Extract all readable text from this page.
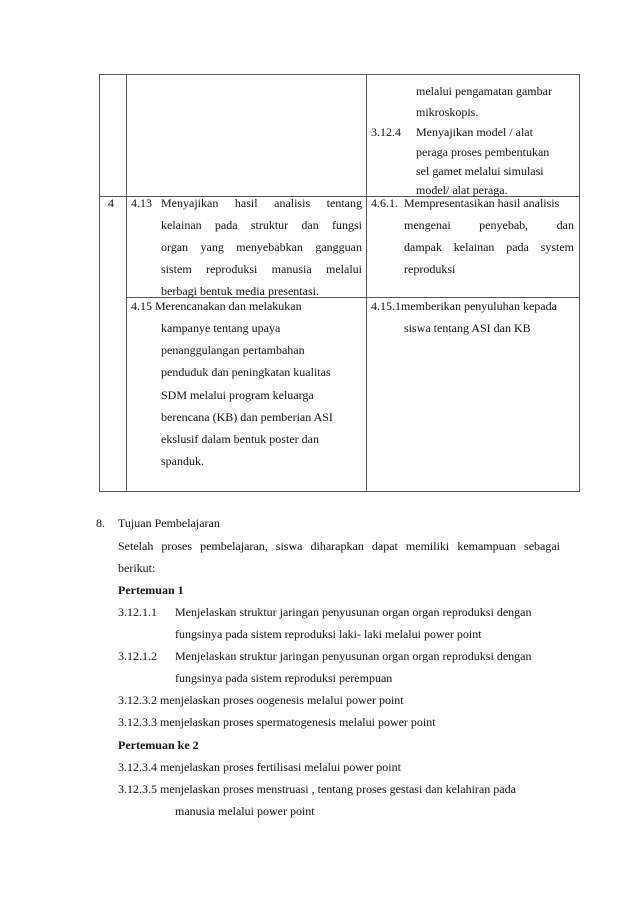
melalui pengamatan gambar
mikroskopis.
3.12.4 Menyajikan model / alat
peraga proses pembentukan
sel gamet melalui simulasi
model/ alat peraga.
4 4.13 Menyajikan hasil analisis tentang
kelainan pada struktur dan fungsi
organ yang menyebabkan gangguan
sistem reproduksi manusia melalui
berbagi bentuk media presentasi.
4.6.1. Mempresentasikan hasil analisis
mengenai penyebab, dan
dampak kelainan pada system
reproduksi
4.15 Merencanakan dan melakukan
kampanye tentang upaya
penanggulangan pertambahan
penduduk dan peningkatan kualitas
SDM melalui program keluarga
berencana (KB) dan pemberian ASI
ekslusif dalam bentuk poster dan
spanduk.
4.15.1memberikan penyuluhan kepada
siswa tentang ASI dan KB
8. Tujuan Pembelajaran
Setelah proses pembelajaran, siswa diharapkan dapat memiliki kemampuan sebagai
berikut:
Pertemuan 1
3.12.1.1 Menjelaskan struktur jaringan penyusunan organ organ reproduksi dengan
fungsinya pada sistem reproduksi laki- laki melalui power point
3.12.1.2 Menjelaskan struktur jaringan penyusunan organ organ reproduksi dengan
fungsinya pada sistem reproduksi perempuan
3.12.3.2 menjelaskan proses oogenesis melalui power point
3.12.3.3 menjelaskan proses spermatogenesis melalui power point
Pertemuan ke 2
3.12.3.4 menjelaskan proses fertilisasi melalui power point
3.12.3.5 menjelaskan proses menstruasi , tentang proses gestasi dan kelahiran pada
manusia melalui power point
